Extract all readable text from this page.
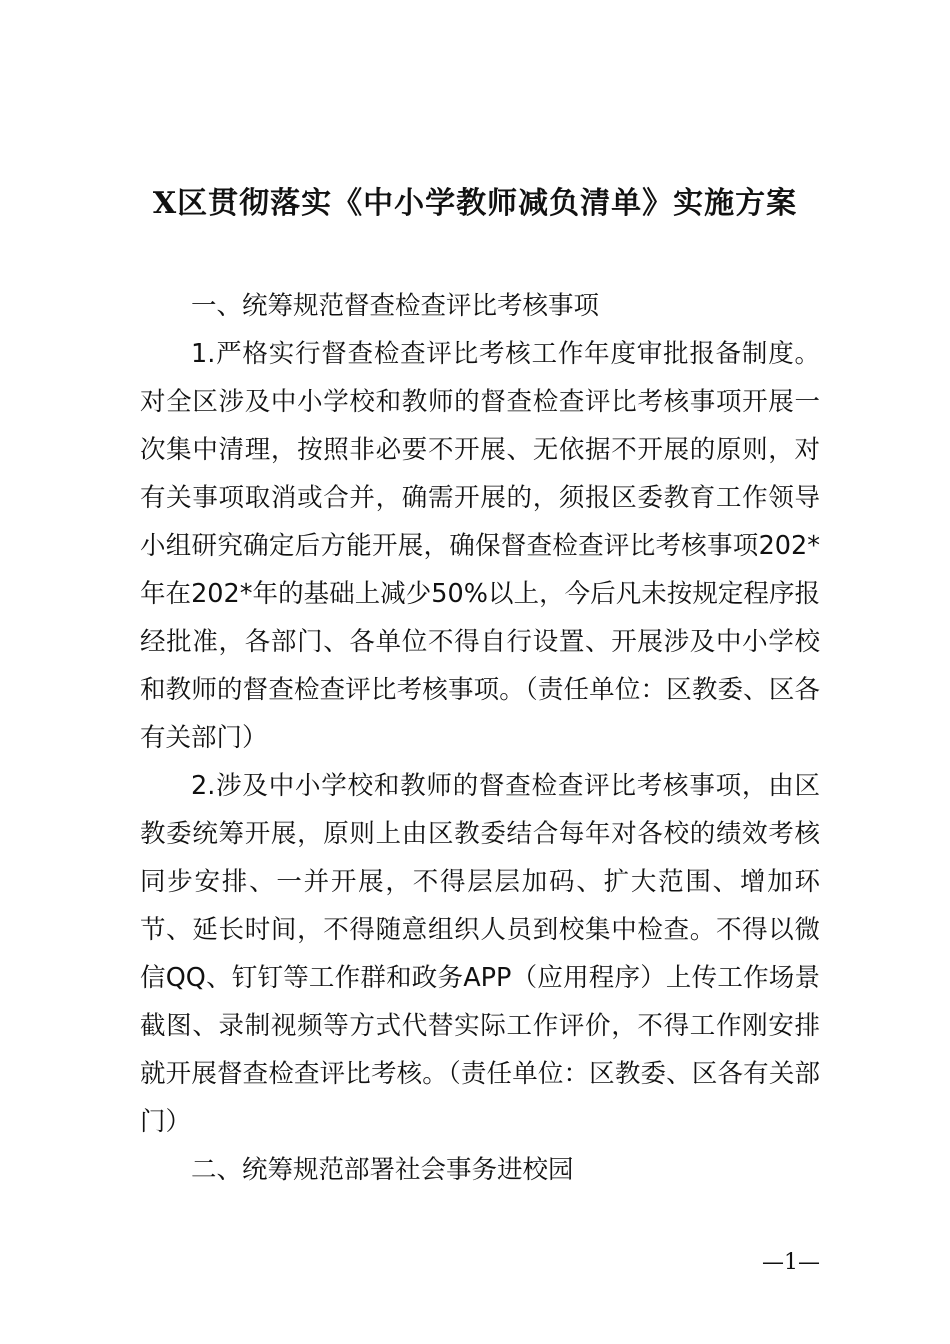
X区贯彻落实《中小学教师减负清单》实施方案

一、统筹规范督查检查评比考核事项

1.严格实行督查检查评比考核工作年度审批报备制度。对全区涉及中小学校和教师的督查检查评比考核事项开展一次集中清理，按照非必要不开展、无依据不开展的原则，对有关事项取消或合并，确需开展的，须报区委教育工作领导小组研究确定后方能开展，确保督查检查评比考核事项202*年在202*年的基础上减少50%以上，今后凡未按规定程序报经批准，各部门、各单位不得自行设置、开展涉及中小学校和教师的督查检查评比考核事项。（责任单位：区教委、区各有关部门）

2.涉及中小学校和教师的督查检查评比考核事项，由区教委统筹开展，原则上由区教委结合每年对各校的绩效考核同步安排、一并开展，不得层层加码、扩大范围、增加环节、延长时间，不得随意组织人员到校集中检查。不得以微信QQ、钉钉等工作群和政务APP（应用程序）上传工作场景截图、录制视频等方式代替实际工作评价，不得工作刚安排就开展督查检查评比考核。（责任单位：区教委、区各有关部门）

二、统筹规范部署社会事务进校园

—1—
